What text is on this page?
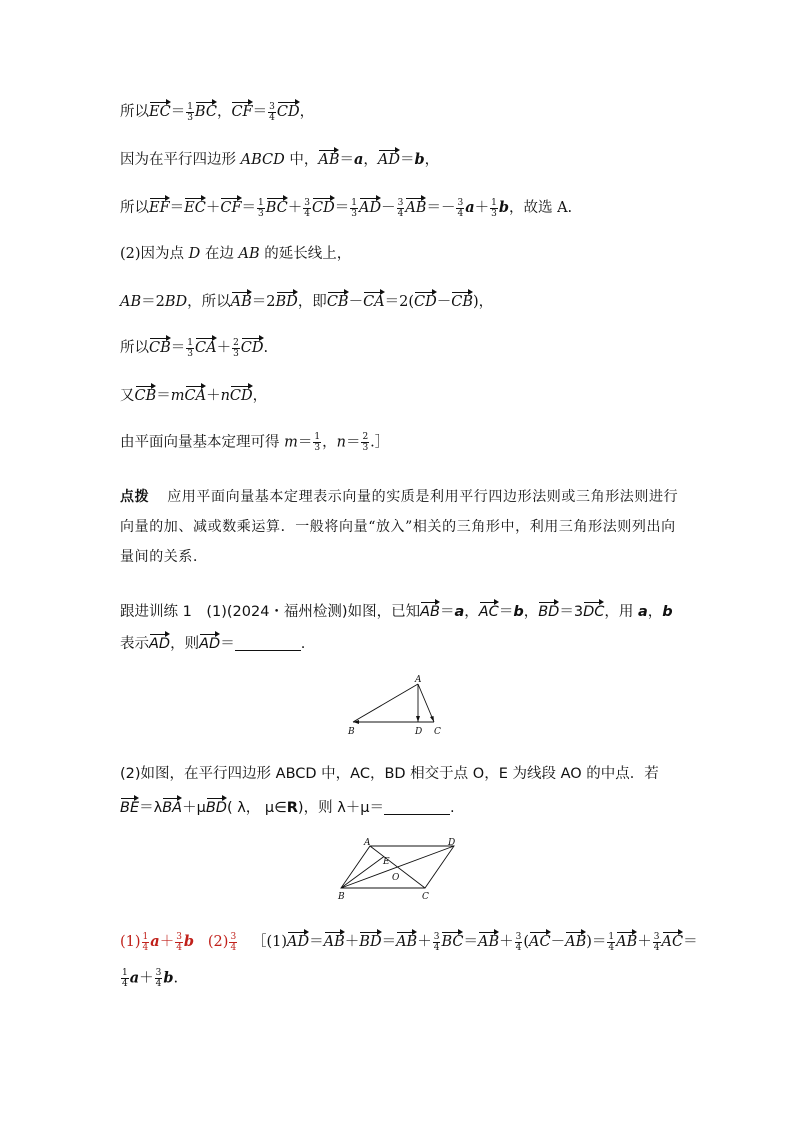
所以$EC= \frac{1}{3}$ BC，$CF= \frac{3}{4}$ CD，
因为在平行四边形 ABCD 中，AB＝a，AD＝b，
所以$EF=EC+CF= \frac{1}{3} BC+ \frac{3}{4} CD= \frac{1}{3} AD- \frac{3}{4} AB=- \frac{3}{4} a+ \frac{1}{3}$ b，故选 A.
(2)因为点 D 在边 AB 的延长线上，
AB＝2BD，所以AB＝2BD，即CB－CA＝2(CD－CB)，
所以$CB= \frac{1}{3} CA+ \frac{2}{3}$ CD.
又CB＝mCA＋nCD，
由平面向量基本定理可得 $m= \frac{1}{3}$ ，$n= \frac{2}{3}$ .］
点拨 应用平面向量基本定理表示向量的实质是利用平行四边形法则或三角形法则进行向量的加、减或数乘运算．一般将向量“放入”相关的三角形中，利用三角形法则列出向量间的关系．
跟进训练 1　(1)(2024・福州检测)如图，已知AB＝a，AC＝b，BD＝3DC，用 a，b
表示AD，则AD＝	.
A
B	D C
(2)如图，在平行四边形 ABCD 中，AC，BD 相交于点 O，E 为线段 AO 的中点．若
BE＝λBA＋μBD( λ， μ∈R)，则 λ＋μ＝	.
A	D
E
O
B	C
$(1) \frac{1}{4} a+ \frac{3}{4}$ b $(2) \frac{3}{4}$ ［(1)AD＝AB＋BD＝AB＋ $\frac{3}{4} BC=AB+ \frac{3}{4} (AC-AB)= \frac{1}{4} AB+ \frac{3}{4} AC=$
$\frac{1}{4} a+ \frac{3}{4} b$.
